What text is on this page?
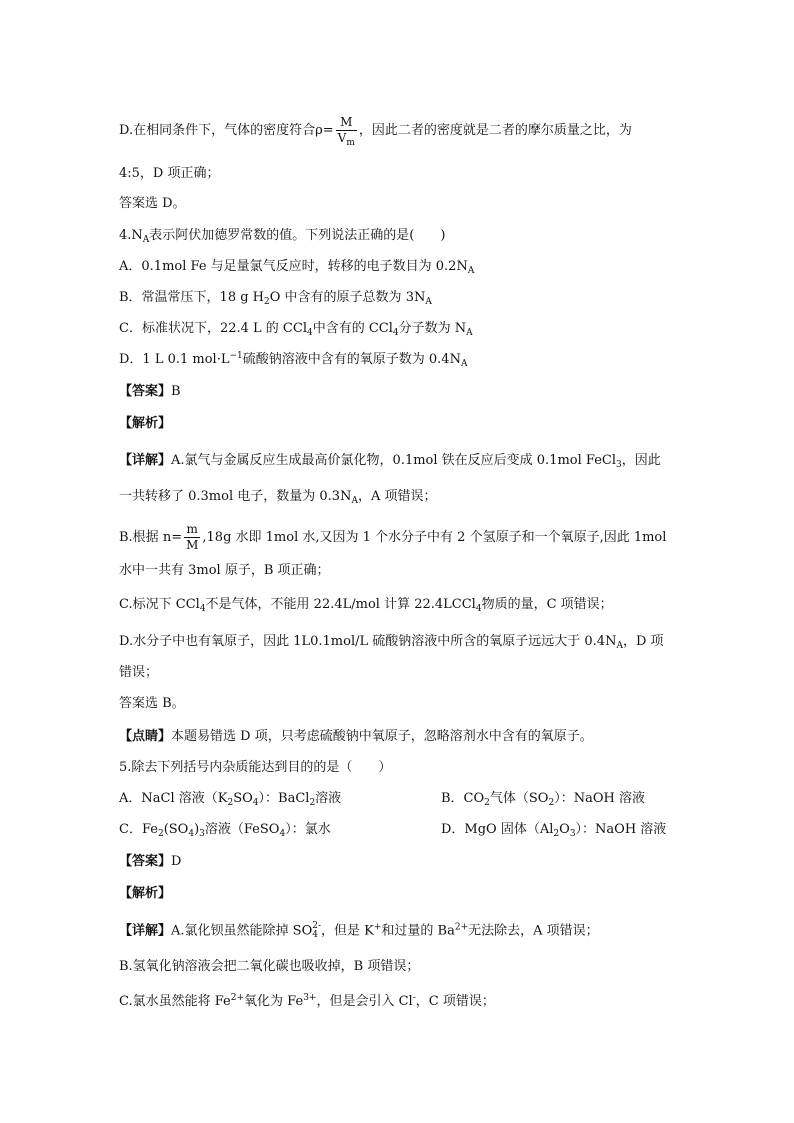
D.在相同条件下，气体的密度符合$\rho= \frac{M}{V_m}$ ，因此二者的密度就是二者的摩尔质量之比，为
4:5，D 项正确；
答案选 D。
$4.N_A$表示阿伏加德罗常数的值。下列说法正确的是(　　)
A．0.1mol Fe 与足量氯气反应时，转移的电子数目为 $0.2N_A$
B．常温常压下，18 g $H_2O$ 中含有的原子总数为 $3N_A$
C．标准状况下，22.4 L 的 CCl$_4$中含有的 CCl$_4$分子数为 $N_A$
D．1 L 0.1 $mol\cdot L^{-1}$硫酸钠溶液中含有的氧原子数为 $0.4N_A$
【答案】B
【解析】
【详解】A.氯气与金属反应生成最高价氯化物，0.1mol 铁在反应后变成 0.1mol FeCl$_3$，因此
一共转移了 0.3mol 电子，数量为 $0.3N_A$，A 项错误；
B.根据 $n= \frac{m}{M} ,18g$ 水即 1mol 水,又因为 1 个水分子中有 2 个氢原子和一个氧原子,因此 1mol
水中一共有 3mol 原子，B 项正确；
C.标况下 CCl$_4$不是气体，不能用 22.4L/mol 计算 22.4LCCl$_4$物质的量，C 项错误；
D.水分子中也有氧原子，因此 1L0.1mol/L 硫酸钠溶液中所含的氧原子远远大于 $0.4N_A$，D 项
错误；
答案选 B。
【点睛】本题易错选 D 项，只考虑硫酸钠中氧原子，忽略溶剂水中含有的氧原子。
5.除去下列括号内杂质能达到目的的是（　　）
A．NaCl 溶液$(K_2SO_4)$：BaCl$_2$溶液	B．$CO_2$气体$(SO_2)$：NaOH 溶液
C．$Fe_2(SO_4)_3$溶液（FeSO$_4$）：氯水	D．MgO 固体$(Al_2O_3)$：NaOH 溶液
【答案】D
【解析】
【详解】A.氯化钡虽然能除掉 SO 2-
4 ，但是 K+和过量的 $Ba^{2+}$无法除去，A 项错误；
B.氢氧化钠溶液会把二氧化碳也吸收掉，B 项错误；
C.氯水虽然能将 $Fe^{2+}$氧化为 $Fe^{3+}$，但是会引入 Cl-，C 项错误；
